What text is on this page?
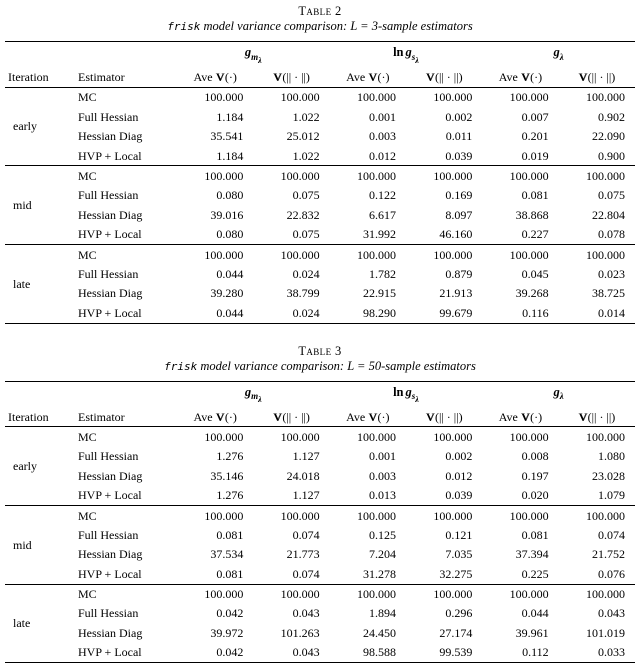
Table 2
frisk model variance comparison: L = 3-sample estimators
		$g_{m_\lambda}$		$\ln g_{s_\lambda}$		$g_\lambda$
Iteration	Estimator	Ave V(·)	V(|| · ||)	Ave V(·)	V(|| · ||)	Ave V(·)	V(|| · ||)
early	MC	100.000	100.000	100.000	100.000	100.000	100.000
	Full Hessian	1.184	1.022	0.001	0.002	0.007	0.902
	Hessian Diag	35.541	25.012	0.003	0.011	0.201	22.090
	HVP + Local	1.184	1.022	0.012	0.039	0.019	0.900
mid	MC	100.000	100.000	100.000	100.000	100.000	100.000
	Full Hessian	0.080	0.075	0.122	0.169	0.081	0.075
	Hessian Diag	39.016	22.832	6.617	8.097	38.868	22.804
	HVP + Local	0.080	0.075	31.992	46.160	0.227	0.078
late	MC	100.000	100.000	100.000	100.000	100.000	100.000
	Full Hessian	0.044	0.024	1.782	0.879	0.045	0.023
	Hessian Diag	39.280	38.799	22.915	21.913	39.268	38.725
	HVP + Local	0.044	0.024	98.290	99.679	0.116	0.014
Table 3
frisk model variance comparison: L = 50-sample estimators
		$g_{m_\lambda}$		$\ln g_{s_\lambda}$		$g_\lambda$
Iteration	Estimator	Ave V(·)	V(|| · ||)	Ave V(·)	V(|| · ||)	Ave V(·)	V(|| · ||)
early	MC	100.000	100.000	100.000	100.000	100.000	100.000
	Full Hessian	1.276	1.127	0.001	0.002	0.008	1.080
	Hessian Diag	35.146	24.018	0.003	0.012	0.197	23.028
	HVP + Local	1.276	1.127	0.013	0.039	0.020	1.079
mid	MC	100.000	100.000	100.000	100.000	100.000	100.000
	Full Hessian	0.081	0.074	0.125	0.121	0.081	0.074
	Hessian Diag	37.534	21.773	7.204	7.035	37.394	21.752
	HVP + Local	0.081	0.074	31.278	32.275	0.225	0.076
late	MC	100.000	100.000	100.000	100.000	100.000	100.000
	Full Hessian	0.042	0.043	1.894	0.296	0.044	0.043
	Hessian Diag	39.972	101.263	24.450	27.174	39.961	101.019
	HVP + Local	0.042	0.043	98.588	99.539	0.112	0.033
